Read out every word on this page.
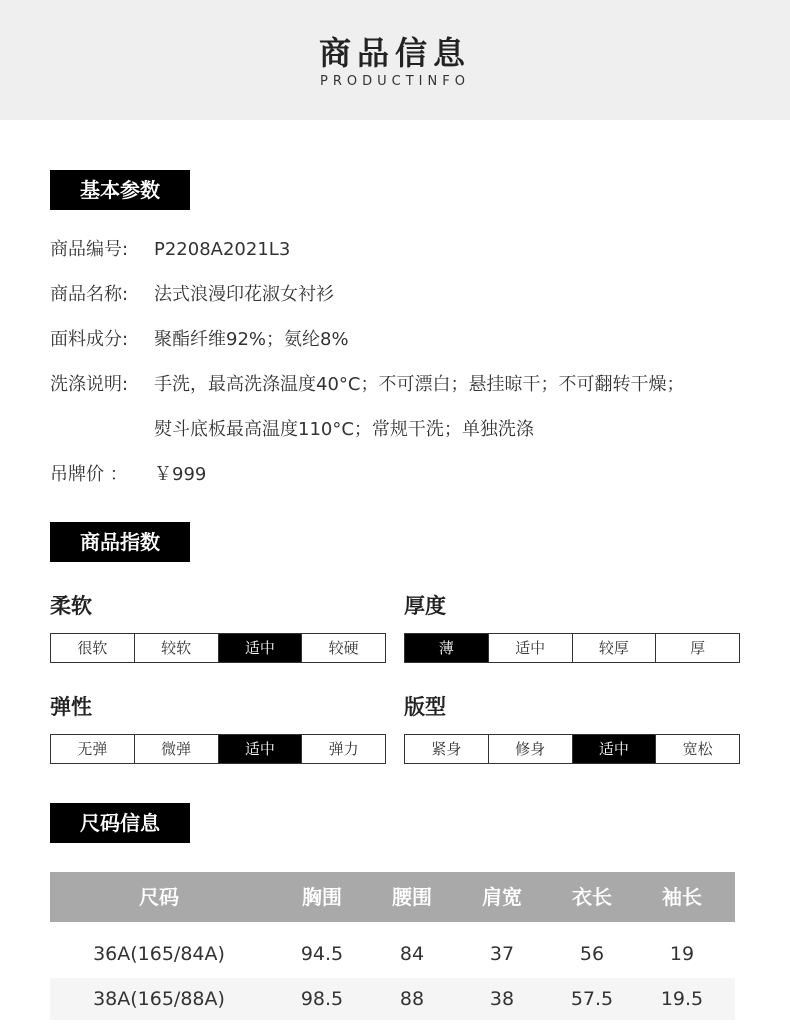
商品信息
PRODUCTINFO
基本参数
商品编号: P2208A2021L3
商品名称: 法式浪漫印花淑女衬衫
面料成分: 聚酯纤维92%；氨纶8%
洗涤说明: 手洗，最高洗涤温度40°C；不可漂白；悬挂晾干；不可翻转干燥；
熨斗底板最高温度110°C；常规干洗；单独洗涤
吊牌价 ： ￥999
商品指数
柔软
很软	较软	适中	较硬
厚度
薄	适中	较厚	厚
弹性
无弹	微弹	适中	弹力
版型
紧身	修身	适中	宽松
尺码信息
尺码	胸围	腰围	肩宽	衣长	袖长
36A(165/84A)	94.5	84	37	56	19
38A(165/88A)	98.5	88	38	57.5	19.5
